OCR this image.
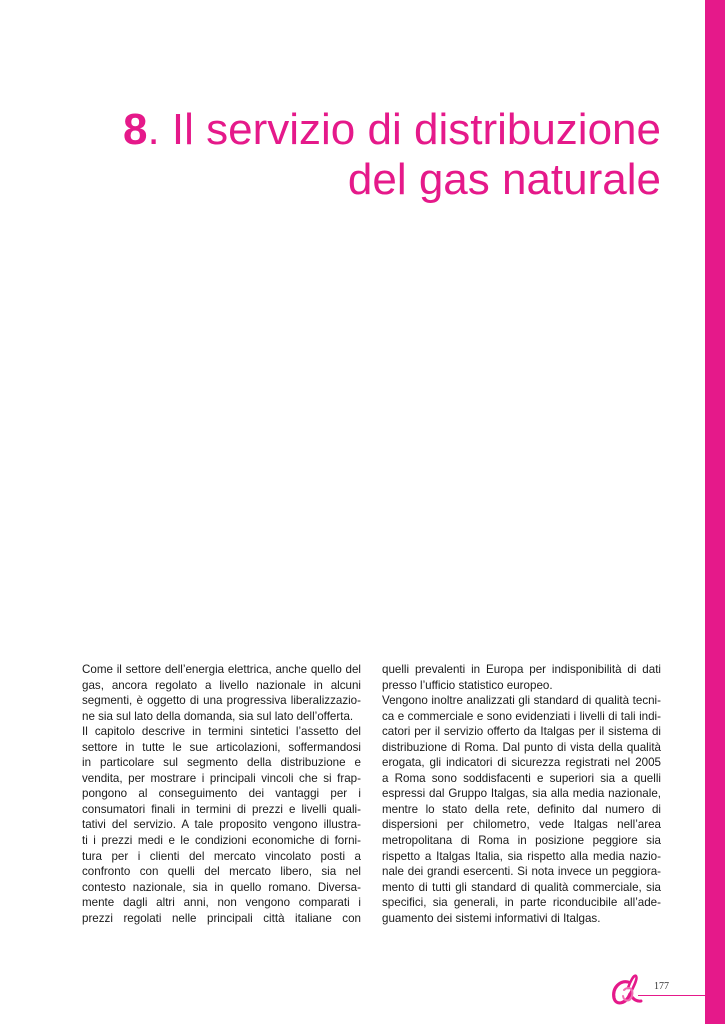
8. Il servizio di distribuzione
del gas naturale
Come il settore dell’energia elettrica, anche quello del
gas, ancora regolato a livello nazionale in alcuni
segmenti, è oggetto di una progressiva liberalizzazio-
ne sia sul lato della domanda, sia sul lato dell’offerta.
Il capitolo descrive in termini sintetici l’assetto del
settore in tutte le sue articolazioni, soffermandosi
in particolare sul segmento della distribuzione e
vendita, per mostrare i principali vincoli che si frap-
pongono al conseguimento dei vantaggi per i
consumatori finali in termini di prezzi e livelli quali-
tativi del servizio. A tale proposito vengono illustra-
ti i prezzi medi e le condizioni economiche di forni-
tura per i clienti del mercato vincolato posti a
confronto con quelli del mercato libero, sia nel
contesto nazionale, sia in quello romano. Diversa-
mente dagli altri anni, non vengono comparati i
prezzi regolati nelle principali città italiane con
quelli prevalenti in Europa per indisponibilità di dati
presso l’ufficio statistico europeo.
Vengono inoltre analizzati gli standard di qualità tecni-
ca e commerciale e sono evidenziati i livelli di tali indi-
catori per il servizio offerto da Italgas per il sistema di
distribuzione di Roma. Dal punto di vista della qualità
erogata, gli indicatori di sicurezza registrati nel 2005
a Roma sono soddisfacenti e superiori sia a quelli
espressi dal Gruppo Italgas, sia alla media nazionale,
mentre lo stato della rete, definito dal numero di
dispersioni per chilometro, vede Italgas nell’area
metropolitana di Roma in posizione peggiore sia
rispetto a Italgas Italia, sia rispetto alla media nazio-
nale dei grandi esercenti. Si nota invece un peggiora-
mento di tutti gli standard di qualità commerciale, sia
specifici, sia generali, in parte riconducibile all’ade-
guamento dei sistemi informativi di Italgas.
177
